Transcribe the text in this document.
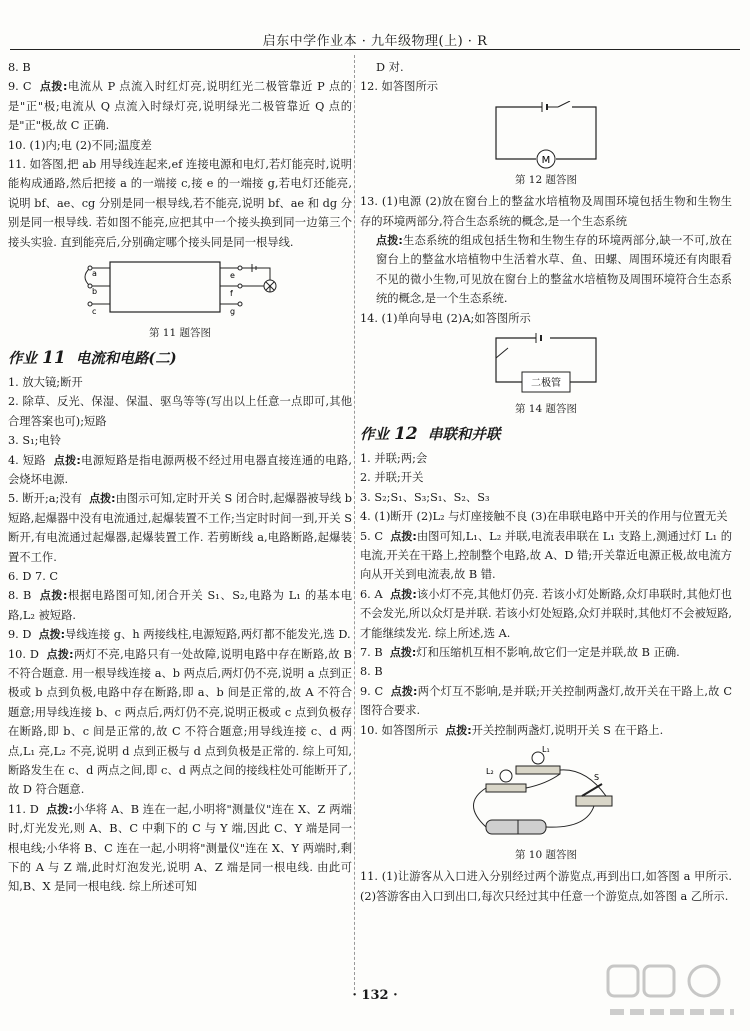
启东中学作业本 · 九年级物理(上) · R

8. B

9. C 点拨:电流从 P 点流入时红灯亮,说明红光二极管靠近 P 点的是"正"极;电流从 Q 点流入时绿灯亮,说明绿光二极管靠近 Q 点的是"正"极,故 C 正确.

10. (1)内;电 (2)不同;温度差

11. 如答图,把 ab 用导线连起来,ef 连接电源和电灯,若灯能亮时,说明能构成通路,然后把接 a 的一端接 c,接 e 的一端接 g,若电灯还能亮,说明 bf、ae、cg 分别是同一根导线,若不能亮,说明 bf、ae 和 dg 分别是同一根导线. 若如图不能亮,应把其中一个接头换到同一边第三个接头实验. 直到能亮后,分别确定哪个接头同是同一根导线.

a
b
c
e
f
g
第 11 题答图
作业 11 电流和电路(二)

1. 放大镜;断开

2. 除草、反光、保湿、保温、驱鸟等等(写出以上任意一点即可,其他合理答案也可);短路

3. S₁;电铃

4. 短路 点拨:电源短路是指电源两极不经过用电器直接连通的电路,会烧坏电源.

5. 断开;a;没有 点拨:由图示可知,定时开关 S 闭合时,起爆器被导线 b 短路,起爆器中没有电流通过,起爆装置不工作;当定时时间一到,开关 S 断开,有电流通过起爆器,起爆装置工作. 若剪断线 a,电路断路,起爆装置不工作.

6. D 7. C

8. B 点拨:根据电路图可知,闭合开关 S₁、S₂,电路为 L₁ 的基本电路,L₂ 被短路.

9. D 点拨:导线连接 g、h 两接线柱,电源短路,两灯都不能发光,选 D.

10. D 点拨:两灯不亮,电路只有一处故障,说明电路中存在断路,故 B 不符合题意. 用一根导线连接 a、b 两点后,两灯仍不亮,说明 a 点到正极或 b 点到负极,电路中存在断路,即 a、b 间是正常的,故 A 不符合题意;用导线连接 b、c 两点后,两灯仍不亮,说明正极或 c 点到负极存在断路,即 b、c 间是正常的,故 C 不符合题意;用导线连接 c、d 两点,L₁ 亮,L₂ 不亮,说明 d 点到正极与 d 点到负极是正常的. 综上可知,断路发生在 c、d 两点之间,即 c、d 两点之间的接线柱处可能断开了,故 D 符合题意.

11. D 点拨:小华将 A、B 连在一起,小明将"测量仪"连在 X、Z 两端时,灯光发光,则 A、B、C 中剩下的 C 与 Y 端,因此 C、Y 端是同一根电线;小华将 B、C 连在一起,小明将"测量仪"连在 X、Y 两端时,剩下的 A 与 Z 端,此时灯泡发光,说明 A、Z 端是同一根电线. 由此可知,B、X 是同一根电线. 综上所述可知

D 对.

12. 如答图所示

M
第 12 题答图

13. (1)电源 (2)放在窗台上的整盆水培植物及周围环境包括生物和生物生存的环境两部分,符合生态系统的概念,是一个生态系统

点拨:生态系统的组成包括生物和生物生存的环境两部分,缺一不可,放在窗台上的整盆水培植物中生活着水草、鱼、田螺、周围环境还有肉眼看不见的微小生物,可见放在窗台上的整盆水培植物及周围环境符合生态系统的概念,是一个生态系统.

14. (1)单向导电 (2)A;如答图所示

二极管
第 14 题答图
作业 12 串联和并联

1. 并联;两;会

2. 并联;开关

3. S₂;S₁、S₃;S₁、S₂、S₃

4. (1)断开 (2)L₂ 与灯座接触不良 (3)在串联电路中开关的作用与位置无关

5. C 点拨:由图可知,L₁、L₂ 并联,电流表串联在 L₁ 支路上,测通过灯 L₁ 的电流,开关在干路上,控制整个电路,故 A、D 错;开关靠近电源正极,故电流方向从开关到电流表,故 B 错.

6. A 点拨:该小灯不亮,其他灯仍亮. 若该小灯处断路,众灯串联时,其他灯也不会发光,所以众灯是并联. 若该小灯处短路,众灯并联时,其他灯不会被短路,才能继续发光. 综上所述,选 A.

7. B 点拨:灯和压缩机互相不影响,故它们一定是并联,故 B 正确.

8. B

9. C 点拨:两个灯互不影响,是并联;开关控制两盏灯,故开关在干路上,故 C 图符合要求.

10. 如答图所示 点拨:开关控制两盏灯,说明开关 S 在干路上.

L₁
L₂
S
第 10 题答图

11. (1)让游客从入口进入分别经过两个游览点,再到出口,如答图 a 甲所示. (2)答游客由入口到出口,每次只经过其中任意一个游览点,如答图 a 乙所示.

· 132 ·
